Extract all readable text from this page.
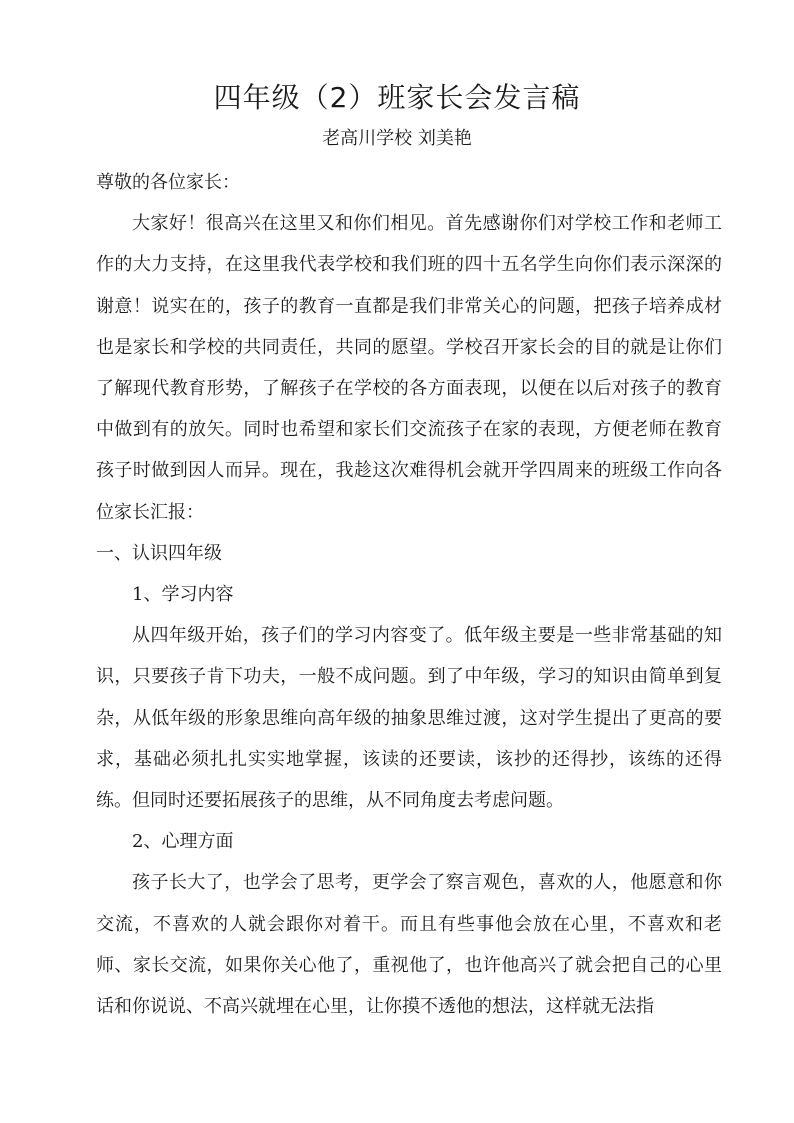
四年级（2）班家长会发言稿
老高川学校 刘美艳

尊敬的各位家长：

大家好！很高兴在这里又和你们相见。首先感谢你们对学校工作和老师工作的大力支持，在这里我代表学校和我们班的四十五名学生向你们表示深深的谢意！说实在的，孩子的教育一直都是我们非常关心的问题，把孩子培养成材也是家长和学校的共同责任，共同的愿望。学校召开家长会的目的就是让你们了解现代教育形势，了解孩子在学校的各方面表现，以便在以后对孩子的教育中做到有的放矢。同时也希望和家长们交流孩子在家的表现，方便老师在教育孩子时做到因人而异。现在，我趁这次难得机会就开学四周来的班级工作向各位家长汇报：

一、认识四年级

1、学习内容

从四年级开始，孩子们的学习内容变了。低年级主要是一些非常基础的知识，只要孩子肯下功夫，一般不成问题。到了中年级，学习的知识由简单到复杂，从低年级的形象思维向高年级的抽象思维过渡，这对学生提出了更高的要求，基础必须扎扎实实地掌握，该读的还要读，该抄的还得抄，该练的还得练。但同时还要拓展孩子的思维，从不同角度去考虑问题。

2、心理方面

孩子长大了，也学会了思考，更学会了察言观色，喜欢的人，他愿意和你交流，不喜欢的人就会跟你对着干。而且有些事他会放在心里，不喜欢和老师、家长交流，如果你关心他了，重视他了，也许他高兴了就会把自己的心里话和你说说、不高兴就埋在心里，让你摸不透他的想法，这样就无法指
